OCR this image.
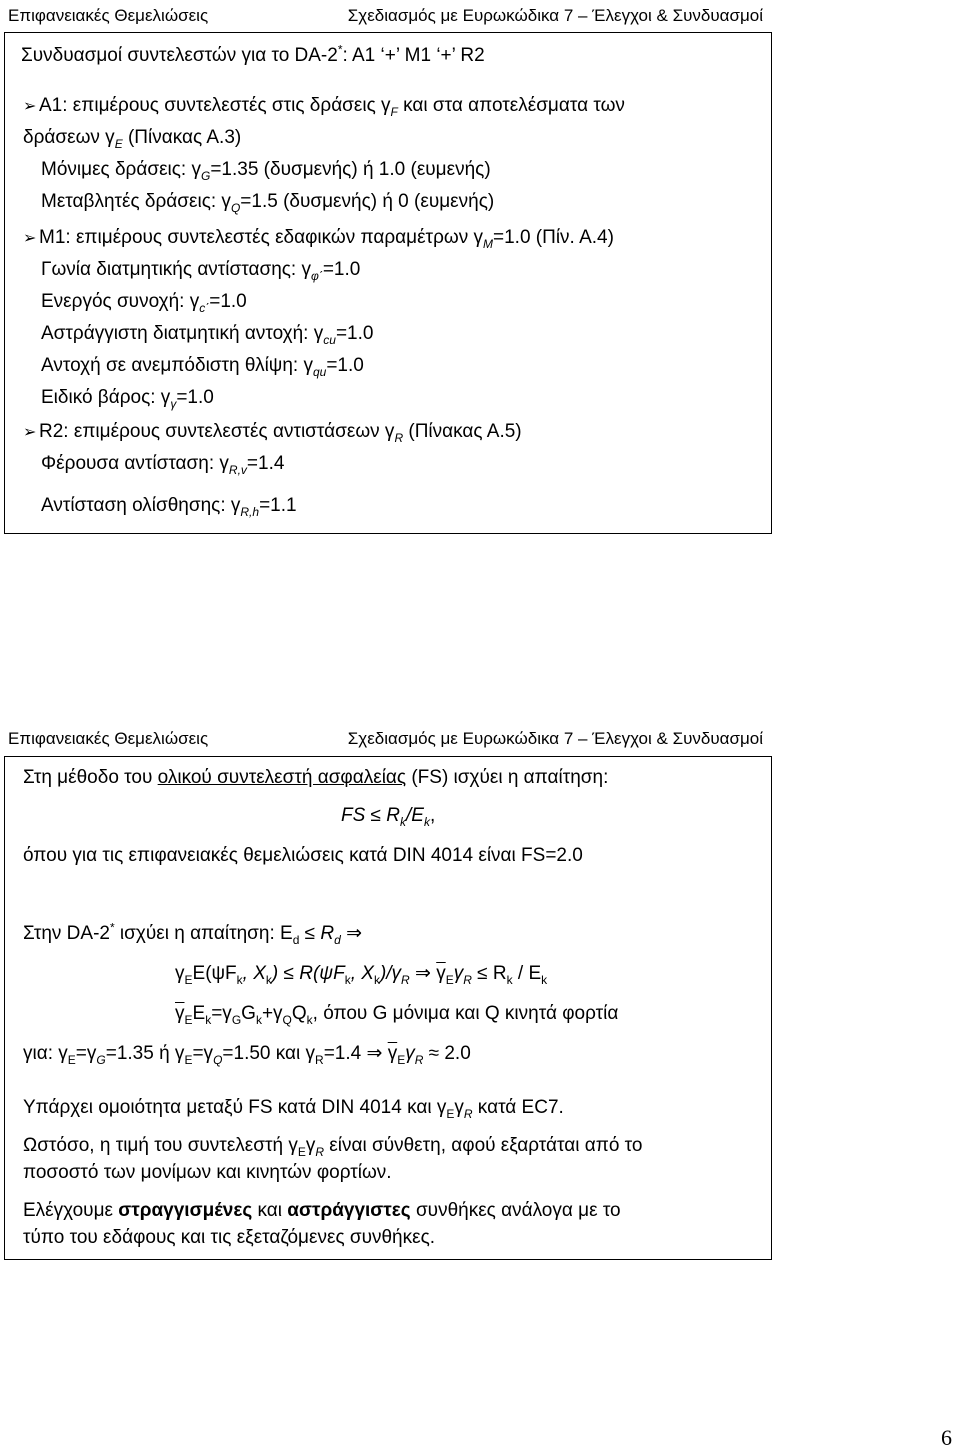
Επιφανειακές Θεμελιώσεις	Σχεδιασμός με Ευρωκώδικα 7 – Έλεγχοι & Συνδυασμοί
Συνδυασμοί συντελεστών για το DA-2*: A1 ‘+’ M1 ‘+’ R2
➢ A1: επιμέρους συντελεστές στις δράσεις $\gamma_F$ και στα αποτελέσματα των
δράσεων $\gamma_E$ (Πίνακας Α.3)
Μόνιμες δράσεις: $\gamma_G=1.35$ (δυσμενής) ή 1.0 (ευμενής)
Μεταβλητές δράσεις: $\gamma_Q=1.5$ (δυσμενής) ή 0 (ευμενής)
➢ M1: επιμέρους συντελεστές εδαφικών παραμέτρων $\gamma_M=1.0$ (Πίν. Α.4)
Γωνία διατμητικής αντίστασης: $\gamma_{\varphi΄}=1.0$
Ενεργός συνοχή: $\gamma_{c΄}=1.0$
Αστράγγιστη διατμητική αντοχή: $\gamma_{cu}=1.0$
Αντοχή σε ανεμπόδιστη θλίψη: $\gamma_{qu}=1.0$
Ειδικό βάρος: $\gamma_\gamma=1.0$
➢ R2: επιμέρους συντελεστές αντιστάσεων $\gamma_R$ (Πίνακας Α.5)
Φέρουσα αντίσταση: $\gamma_{R,v}=1.4$
Αντίσταση ολίσθησης: $\gamma_{R,h}=1.1$
Επιφανειακές Θεμελιώσεις	Σχεδιασμός με Ευρωκώδικα 7 – Έλεγχοι & Συνδυασμοί
Στη μέθοδο του ολικού συντελεστή ασφαλείας (FS) ισχύει η απαίτηση:
FS ≤ $R_k/E_k$,
όπου για τις επιφανειακές θεμελιώσεις κατά DIN 4014 είναι FS=2.0
Στην DA-2* ισχύει η απαίτηση: $E_d \le R_d$ ⇒
$\gamma_EE(\psi F_k$, $X_k) \le R(\psi F_k$, $X_k)/\gamma_R$ ⇒ $\overline{\gamma}_E\gamma_R \le R_k / E_k$
$\overline{\gamma}_EE_k=\gamma_GG_k+\gamma_QQ_k$, όπου G μόνιμα και Q κινητά φορτία
για: $\gamma_E=\gamma_G=1.35$ ή $\gamma_E=\gamma_Q=1.50$ και $\gamma_R=1.4$ ⇒ $\overline{\gamma}_E\gamma_R \approx 2.0$
Υπάρχει ομοιότητα μεταξύ FS κατά DIN 4014 και $\gamma_E\gamma_R$ κατά EC7.
Ωστόσο, η τιμή του συντελεστή $\gamma_E\gamma_R$ είναι σύνθετη, αφού εξαρτάται από το
ποσοστό των μονίμων και κινητών φορτίων.
Ελέγχουμε στραγγισμένες και αστράγγιστες συνθήκες ανάλογα με το
τύπο του εδάφους και τις εξεταζόμενες συνθήκες.
6
